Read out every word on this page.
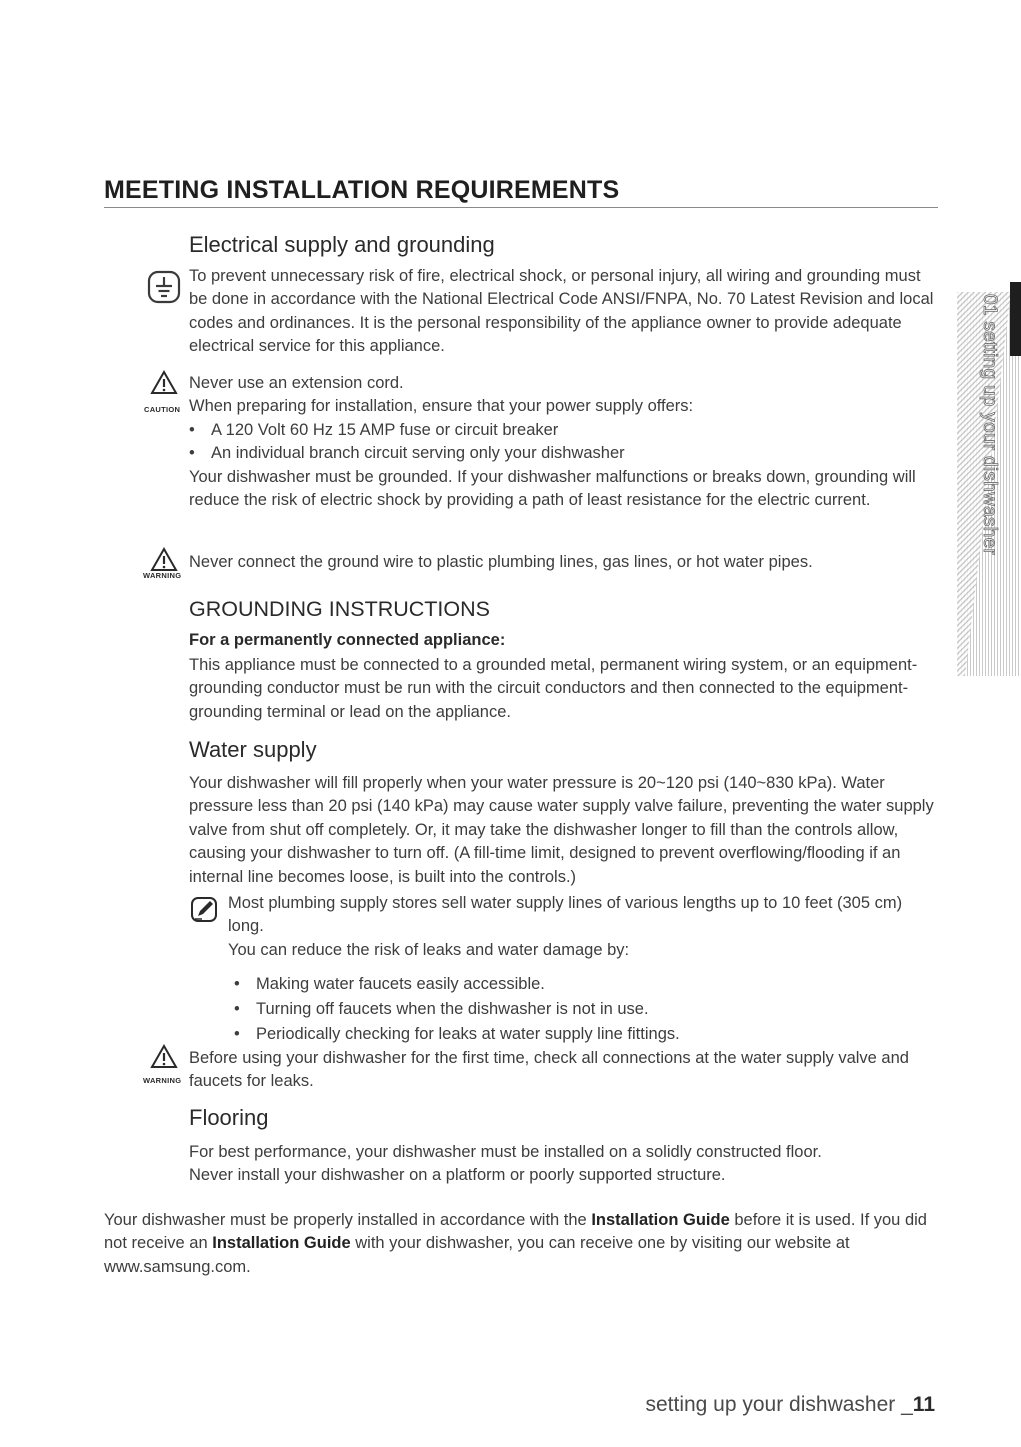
MEETING INSTALLATION REQUIREMENTS
Electrical supply and grounding
To prevent unnecessary risk of fire, electrical shock, or personal injury, all wiring and grounding must be done in accordance with the National Electrical Code ANSI/FNPA, No. 70 Latest Revision and local codes and ordinances. It is the personal responsibility of the appliance owner to provide adequate electrical service for this appliance.
CAUTION
Never use an extension cord.
When preparing for installation, ensure that your power supply offers:
• A 120 Volt 60 Hz 15 AMP fuse or circuit breaker
• An individual branch circuit serving only your dishwasher
Your dishwasher must be grounded. If your dishwasher malfunctions or breaks down, grounding will reduce the risk of electric shock by providing a path of least resistance for the electric current.
WARNING
Never connect the ground wire to plastic plumbing lines, gas lines, or hot water pipes.
GROUNDING INSTRUCTIONS
For a permanently connected appliance:
This appliance must be connected to a grounded metal, permanent wiring system, or an equipment-grounding conductor must be run with the circuit conductors and then connected to the equipment-grounding terminal or lead on the appliance.
Water supply
Your dishwasher will fill properly when your water pressure is 20~120 psi (140~830 kPa). Water pressure less than 20 psi (140 kPa) may cause water supply valve failure, preventing the water supply valve from shut off completely. Or, it may take the dishwasher longer to fill than the controls allow, causing your dishwasher to turn off. (A fill-time limit, designed to prevent overflowing/flooding if an internal line becomes loose, is built into the controls.)
Most plumbing supply stores sell water supply lines of various lengths up to 10 feet (305 cm) long.
You can reduce the risk of leaks and water damage by:
• Making water faucets easily accessible.
• Turning off faucets when the dishwasher is not in use.
• Periodically checking for leaks at water supply line fittings.
WARNING
Before using your dishwasher for the first time, check all connections at the water supply valve and faucets for leaks.
Flooring
For best performance, your dishwasher must be installed on a solidly constructed floor.
Never install your dishwasher on a platform or poorly supported structure.
Your dishwasher must be properly installed in accordance with the Installation Guide before it is used. If you did not receive an Installation Guide with your dishwasher, you can receive one by visiting our website at www.samsung.com.
01 setting up your dishwasher
setting up your dishwasher _11
